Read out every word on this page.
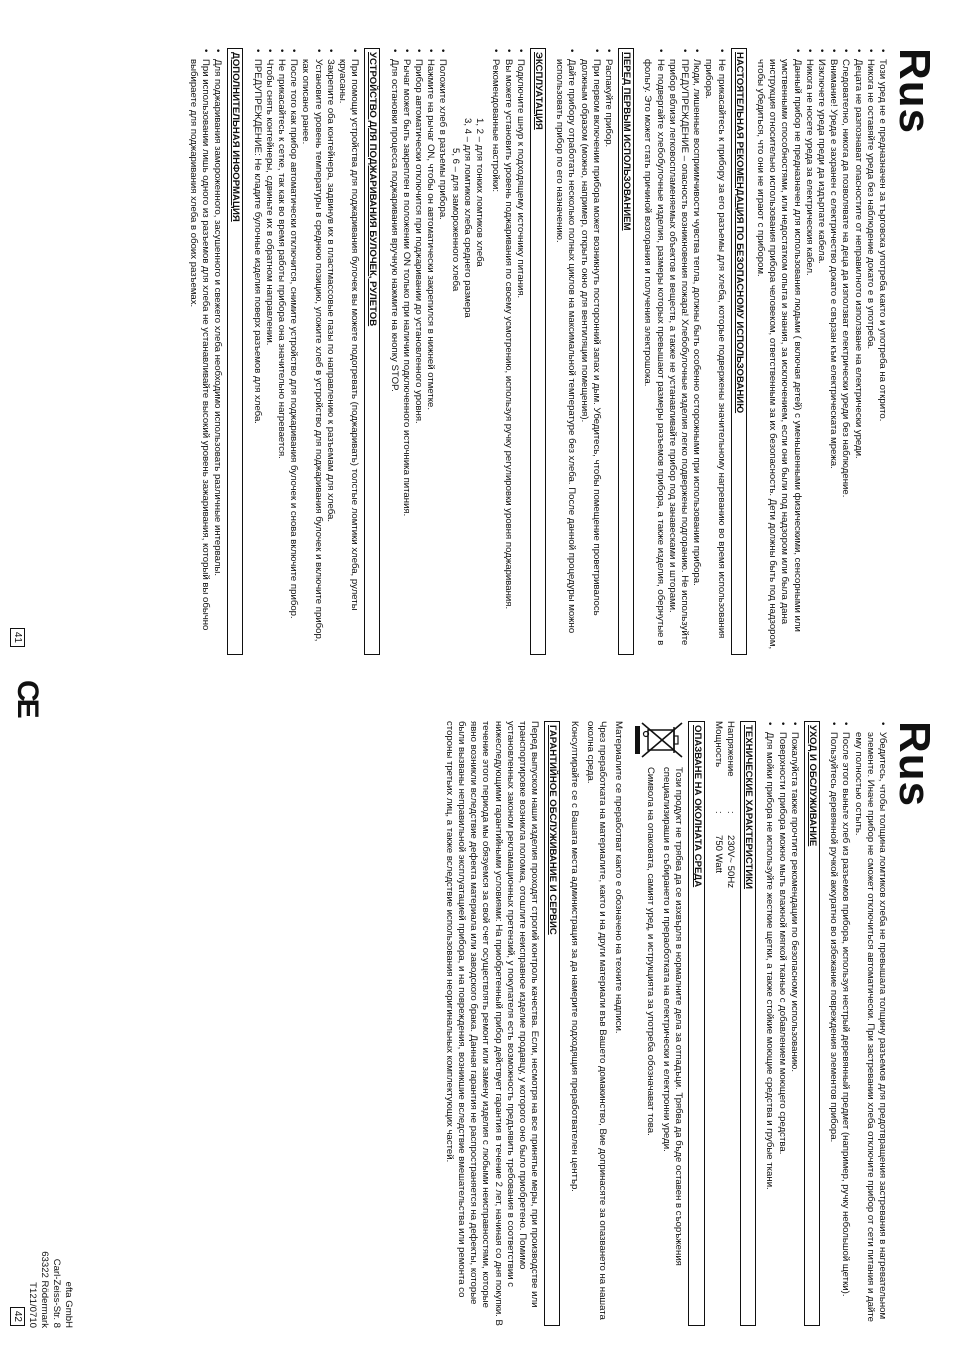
Rus
• Този уред не е предназначен за търговска употреба както и употреба на открито.
• Никога не оставяйте уреда без наблюдение докато е в употреба.
• Децата не разпознават опасностите от неправилното използване на електрически уреди.
• Следователно, никога да позволявате на деца да използват електрически уреди без наблюдение.
• Внимание! Уреда е захранен с електричество докато е свързан към електрическата мрежа.
• Изключете уреда преди да издърпате кабела.
• Никога не носете уреда за електрическия кабел.
• Данный прибор не предназначен для использования людьми ( включая детей) с уменьшенными физическими, сенсорными или умственными способностями, или недостатком опыта и знания, за исключением, если они были под надзором или была дана инструкция относительно использования прибора человеком, ответственным за их безопасность. Дети должны быть под надзором, чтобы убедиться, что они не играют с прибором.
НАСТОЯТЕЛЬНАЯ РЕКОМЕНДАЦИЯ ПО БЕЗОПАСНОМУ ИСПОЛЬЗОВАНИЮ
• Не прикасайтесь к прибору за его разъемы для хлеба, которые подвержены значительному нагреванию во время использования прибора.
• Люди, лишенные восприимчивости чувства тепла, должны быть особенно осторожными при использовании прибора.
• ПРЕДУПРЕЖДЕНИЕ – опасность возникновения пожара! Хлебобулочные изделия легко подвержены подгоранию. Не используйте прибор вблизи легковоспламеняемых объектов и веществ, а также не устанавливайте прибор под занавесками и шторами.
• Не подвергайте хлебобулочные изделия, размеры которых превышают размеры разъемов прибора, а также изделия, обернутые в фольгу. Это может стать причиной возгорания и получения электрошока.
ПЕРЕД ПЕРВЫМ ИСПОЛЬЗОВАНИЕМ
• Распакуйте прибор.
• При первом включении прибора может возникнуть посторонний запах и дым. Убедитесь, чтобы помещение проветривалось должным образом (можно, например, открыть окно для вентиляции помещения).
• Дайте прибору отработать несколько полных циклов на максимальной температуре без хлеба. После данной процедуры можно использовать прибор по его назначению.
ЭКСПЛУАТАЦИЯ
• Подключите шнур к подходящему источнику питания.
• Вы можете установить уровень поджаривания по своему усмотрению, используя ручку регулировки уровня поджаривания.
• Рекомендованные настройки:
1, 2 – для тонких ломтиков хлеба
3, 4 – для ломтиков хлеба среднего размера
5, 6 – для замороженного хлеба
• Положите хлеб в разъемы прибора.
• Нажмите на рычаг ON, чтобы он автоматически закрепился в нижней отметке.
• Прибор автоматически отключится при поджаривании до установленного уровня.
• Рычаг может быть закреплен в положении ON только при наличии подключенного источника питания.
• Для остановки процесса поджаривания вручную нажмите на кнопку STOP.
УСТРОЙСТВО ДЛЯ ПОДЖАРИВАНИЯ БУЛОЧЕК, РУЛЕТОВ
• При помощи устройства для поджаривания булочек вы можете подогревать (поджаривать) толстые ломтики хлеба, рулеты круасаны.
• Закрепите оба контейнера, задвинув их в пластмассовые пазы по направлению к разъемам для хлеба.
• Установите уровень температуры в среднюю позицию, уложите хлеб в устройство для поджаривания булочек и включите прибор, как описано ранее.
• После того как прибор автоматически отключится, снимите устройство для поджаривания булочек и снова включите прибор.
• Не прикасайтесь к сетке, так как во время работы прибора она значительно нагревается.
• Чтобы снять контейнеры, сдвиньте их в обратном направлении.
• ПРЕДУПРЕЖДЕНИЕ: Не кладите булочные изделия поверх разъемов для хлеба.
ДОПОЛНИТЕЛЬНАЯ ИНФОРМАЦИЯ
• Для поджаривания замороженного, засушенного и свежего хлеба необходимо использовать различные интервалы.
• При использовании лишь одного из разъемов для хлеба не устанавливайте высокий уровень зажаривания, который вы обычно выбираете для поджаривания хлеба в обоих разъемах.
41
Rus
• Убедитесь, чтобы толщина ломтиков хлеба не превышала толщину разъемов для предотвращения застревания в нагревательном элементе. Иначе прибор не сможет отключиться автоматически. При застревании хлеба отключите прибор от сети питания и дайте ему полностью остыть.
• После этого выньте хлеб из разъемов прибора, используя нестрый деревянный предмет (например, ручку небольшой щетки).
• Пользуйтесь деревянной ручкой аккуратно во избежание повреждения элементов прибора.
УХОД И ОБСЛУЖИВАНИЕ
• Пожалуйста также прочтите рекомендации по безопасному использованию.
• Поверхности прибора можно мыть влажной мягкой тканью с добавлением моющего средства.
• Для мойки прибора не используйте жесткие щетки, а также стойкие моющие средства и грубые ткани.
ТЕХНИЧЕСКИЕ ХАРАКТЕРИСТИКИ
Напряжение
:
230V~ 50Hz
Мощность
:
750 Watt
ОПАЗВАНЕ НА ОКОЛНАТА СРЕДА
Този продукт не трябва да се изхвърля в нормалните дела за отпадъци. Трябва да бъде оставен в съоръжения специализираши в събирането и прераоботката на електрически и електронни уреди.
Символа на опаковата, самият уред, и иструкцията за употреба обозначават това.
Материалите се преработват както е обозначено на техните надписи.
Чрез преработката на материалите, както и на други материали във Вашето домакинство, Вие допринасяте за опазването на нашата околна среда.
Консултирайте се с Вашата места администрация за да намерите подходящия преработвателен център.
ГАРАНТИЙНОЕ ОБСЛУЖИВАНИЕ И СЕРВИС
Перед выпуском наши изделия проходят строгий контроль качества. Если, несмотря на все принятые меры, при производстве или транспортировке возникла поломка, отошлите неисправное изделие продавцу, у которого оно было приобретено. Помимо установленных законом рекламационных претензий, у покупателя есть возможность предъявить требования в соответствии с нижеследующими гарантийными условиями: На приобретенный прибор действует гарантия в течение 2 лет, начиная со дня покупки. В течение этого периода мы обязуемся за свой счет осуществлять ремонт или замену изделия с любыми неисправностями, которые явно возникли вследствие дефекта материала или заводского брака. Данная гарантия не распространяется на дефекты, которые были вызваны неправильной эксплуатацией прибора, и на повреждения, возникшие вследствие вмешательства или ремонта со стороны третьих лиц, а также вследствие использования неоригинальных комплектующих частей.
efta GmbH
Carl-Zeiss-Str. 8
63322 Rödermark
T121/0710
42
CE
